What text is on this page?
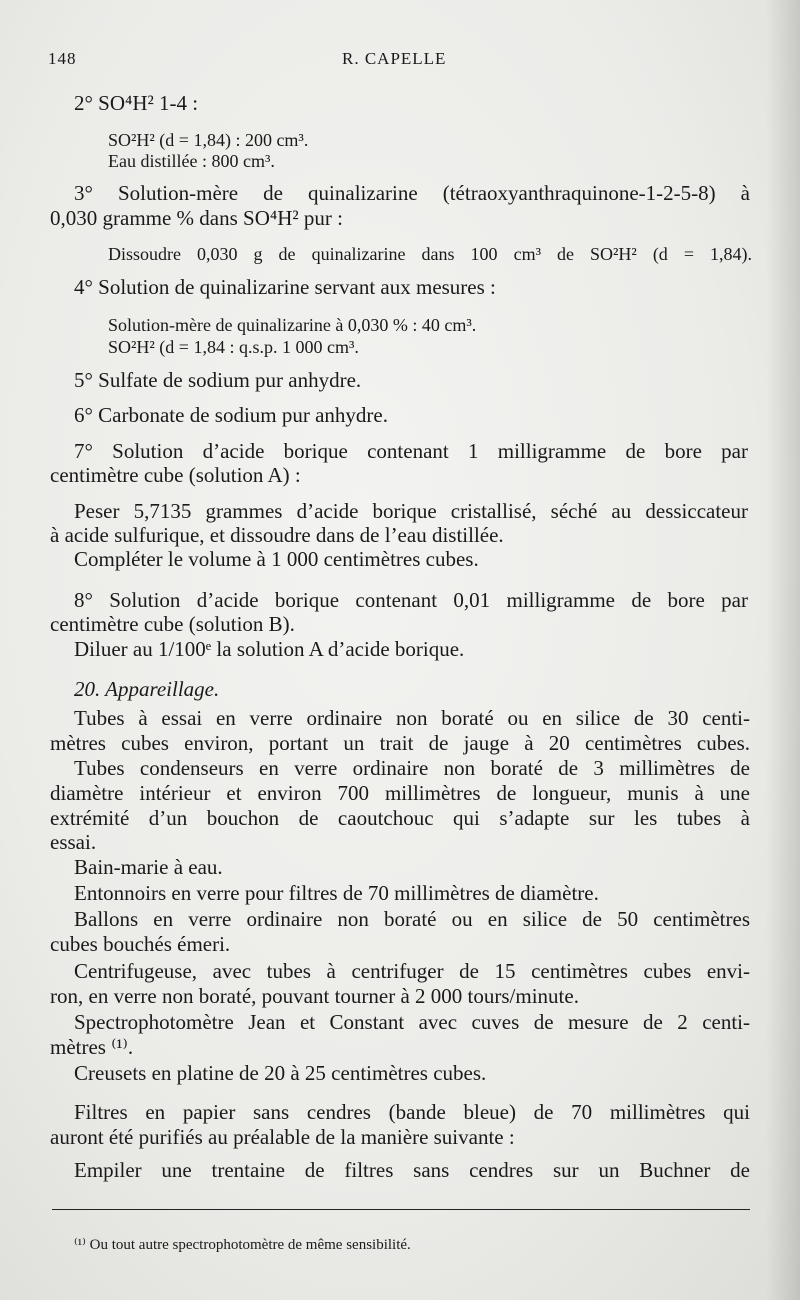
148	R. CAPELLE
2° SO⁴H² 1-4 :
SO²H² (d = 1,84) : 200 cm³.
Eau distillée : 800 cm³.
3° Solution-mère de quinalizarine (tétraoxyanthraquinone-1-2-5-8) à
0,030 gramme % dans SO⁴H² pur :
Dissoudre 0,030 g de quinalizarine dans 100 cm³ de SO²H² (d = 1,84).
4° Solution de quinalizarine servant aux mesures :
Solution-mère de quinalizarine à 0,030 % : 40 cm³.
SO²H² (d = 1,84 : q.s.p. 1 000 cm³.
5° Sulfate de sodium pur anhydre.
6° Carbonate de sodium pur anhydre.
7° Solution d’acide borique contenant 1 milligramme de bore par
centimètre cube (solution A) :
Peser 5,7135 grammes d’acide borique cristallisé, séché au dessiccateur
à acide sulfurique, et dissoudre dans de l’eau distillée.
Compléter le volume à 1 000 centimètres cubes.
8° Solution d’acide borique contenant 0,01 milligramme de bore par
centimètre cube (solution B).
Diluer au 1/100ᵉ la solution A d’acide borique.
20. Appareillage.
Tubes à essai en verre ordinaire non boraté ou en silice de 30 centi-
mètres cubes environ, portant un trait de jauge à 20 centimètres cubes.
Tubes condenseurs en verre ordinaire non boraté de 3 millimètres de
diamètre intérieur et environ 700 millimètres de longueur, munis à une
extrémité d’un bouchon de caoutchouc qui s’adapte sur les tubes à
essai.
Bain-marie à eau.
Entonnoirs en verre pour filtres de 70 millimètres de diamètre.
Ballons en verre ordinaire non boraté ou en silice de 50 centimètres
cubes bouchés émeri.
Centrifugeuse, avec tubes à centrifuger de 15 centimètres cubes envi-
ron, en verre non boraté, pouvant tourner à 2 000 tours/minute.
Spectrophotomètre Jean et Constant avec cuves de mesure de 2 centi-
mètres ⁽¹⁾.
Creusets en platine de 20 à 25 centimètres cubes.
Filtres en papier sans cendres (bande bleue) de 70 millimètres qui
auront été purifiés au préalable de la manière suivante :
Empiler une trentaine de filtres sans cendres sur un Buchner de
⁽¹⁾ Ou tout autre spectrophotomètre de même sensibilité.
